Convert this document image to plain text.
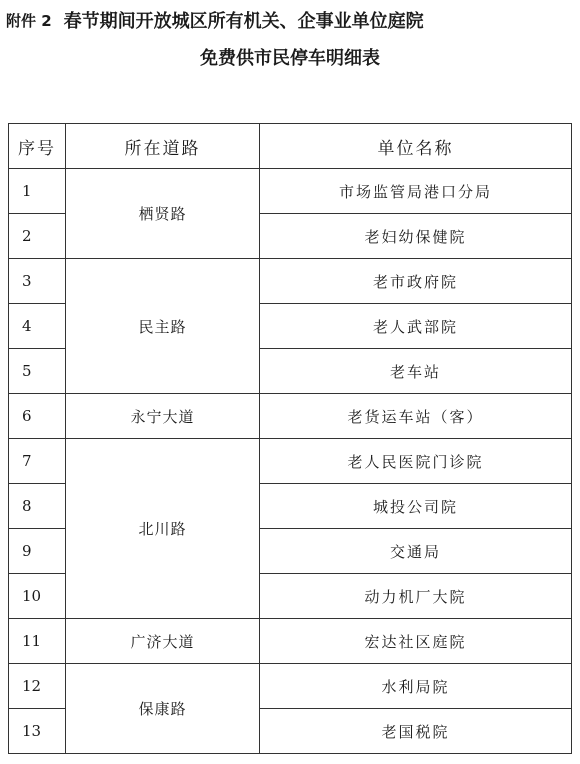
附件 2 春节期间开放城区所有机关、企事业单位庭院
免费供市民停车明细表
序号	所在道路	单位名称
1	栖贤路	市场监管局港口分局
2		老妇幼保健院
3	民主路	老市政府院
4		老人武部院
5		老车站
6	永宁大道	老货运车站（客）
7	北川路	老人民医院门诊院
8		城投公司院
9		交通局
10		动力机厂大院
11	广济大道	宏达社区庭院
12	保康路	水利局院
13		老国税院
